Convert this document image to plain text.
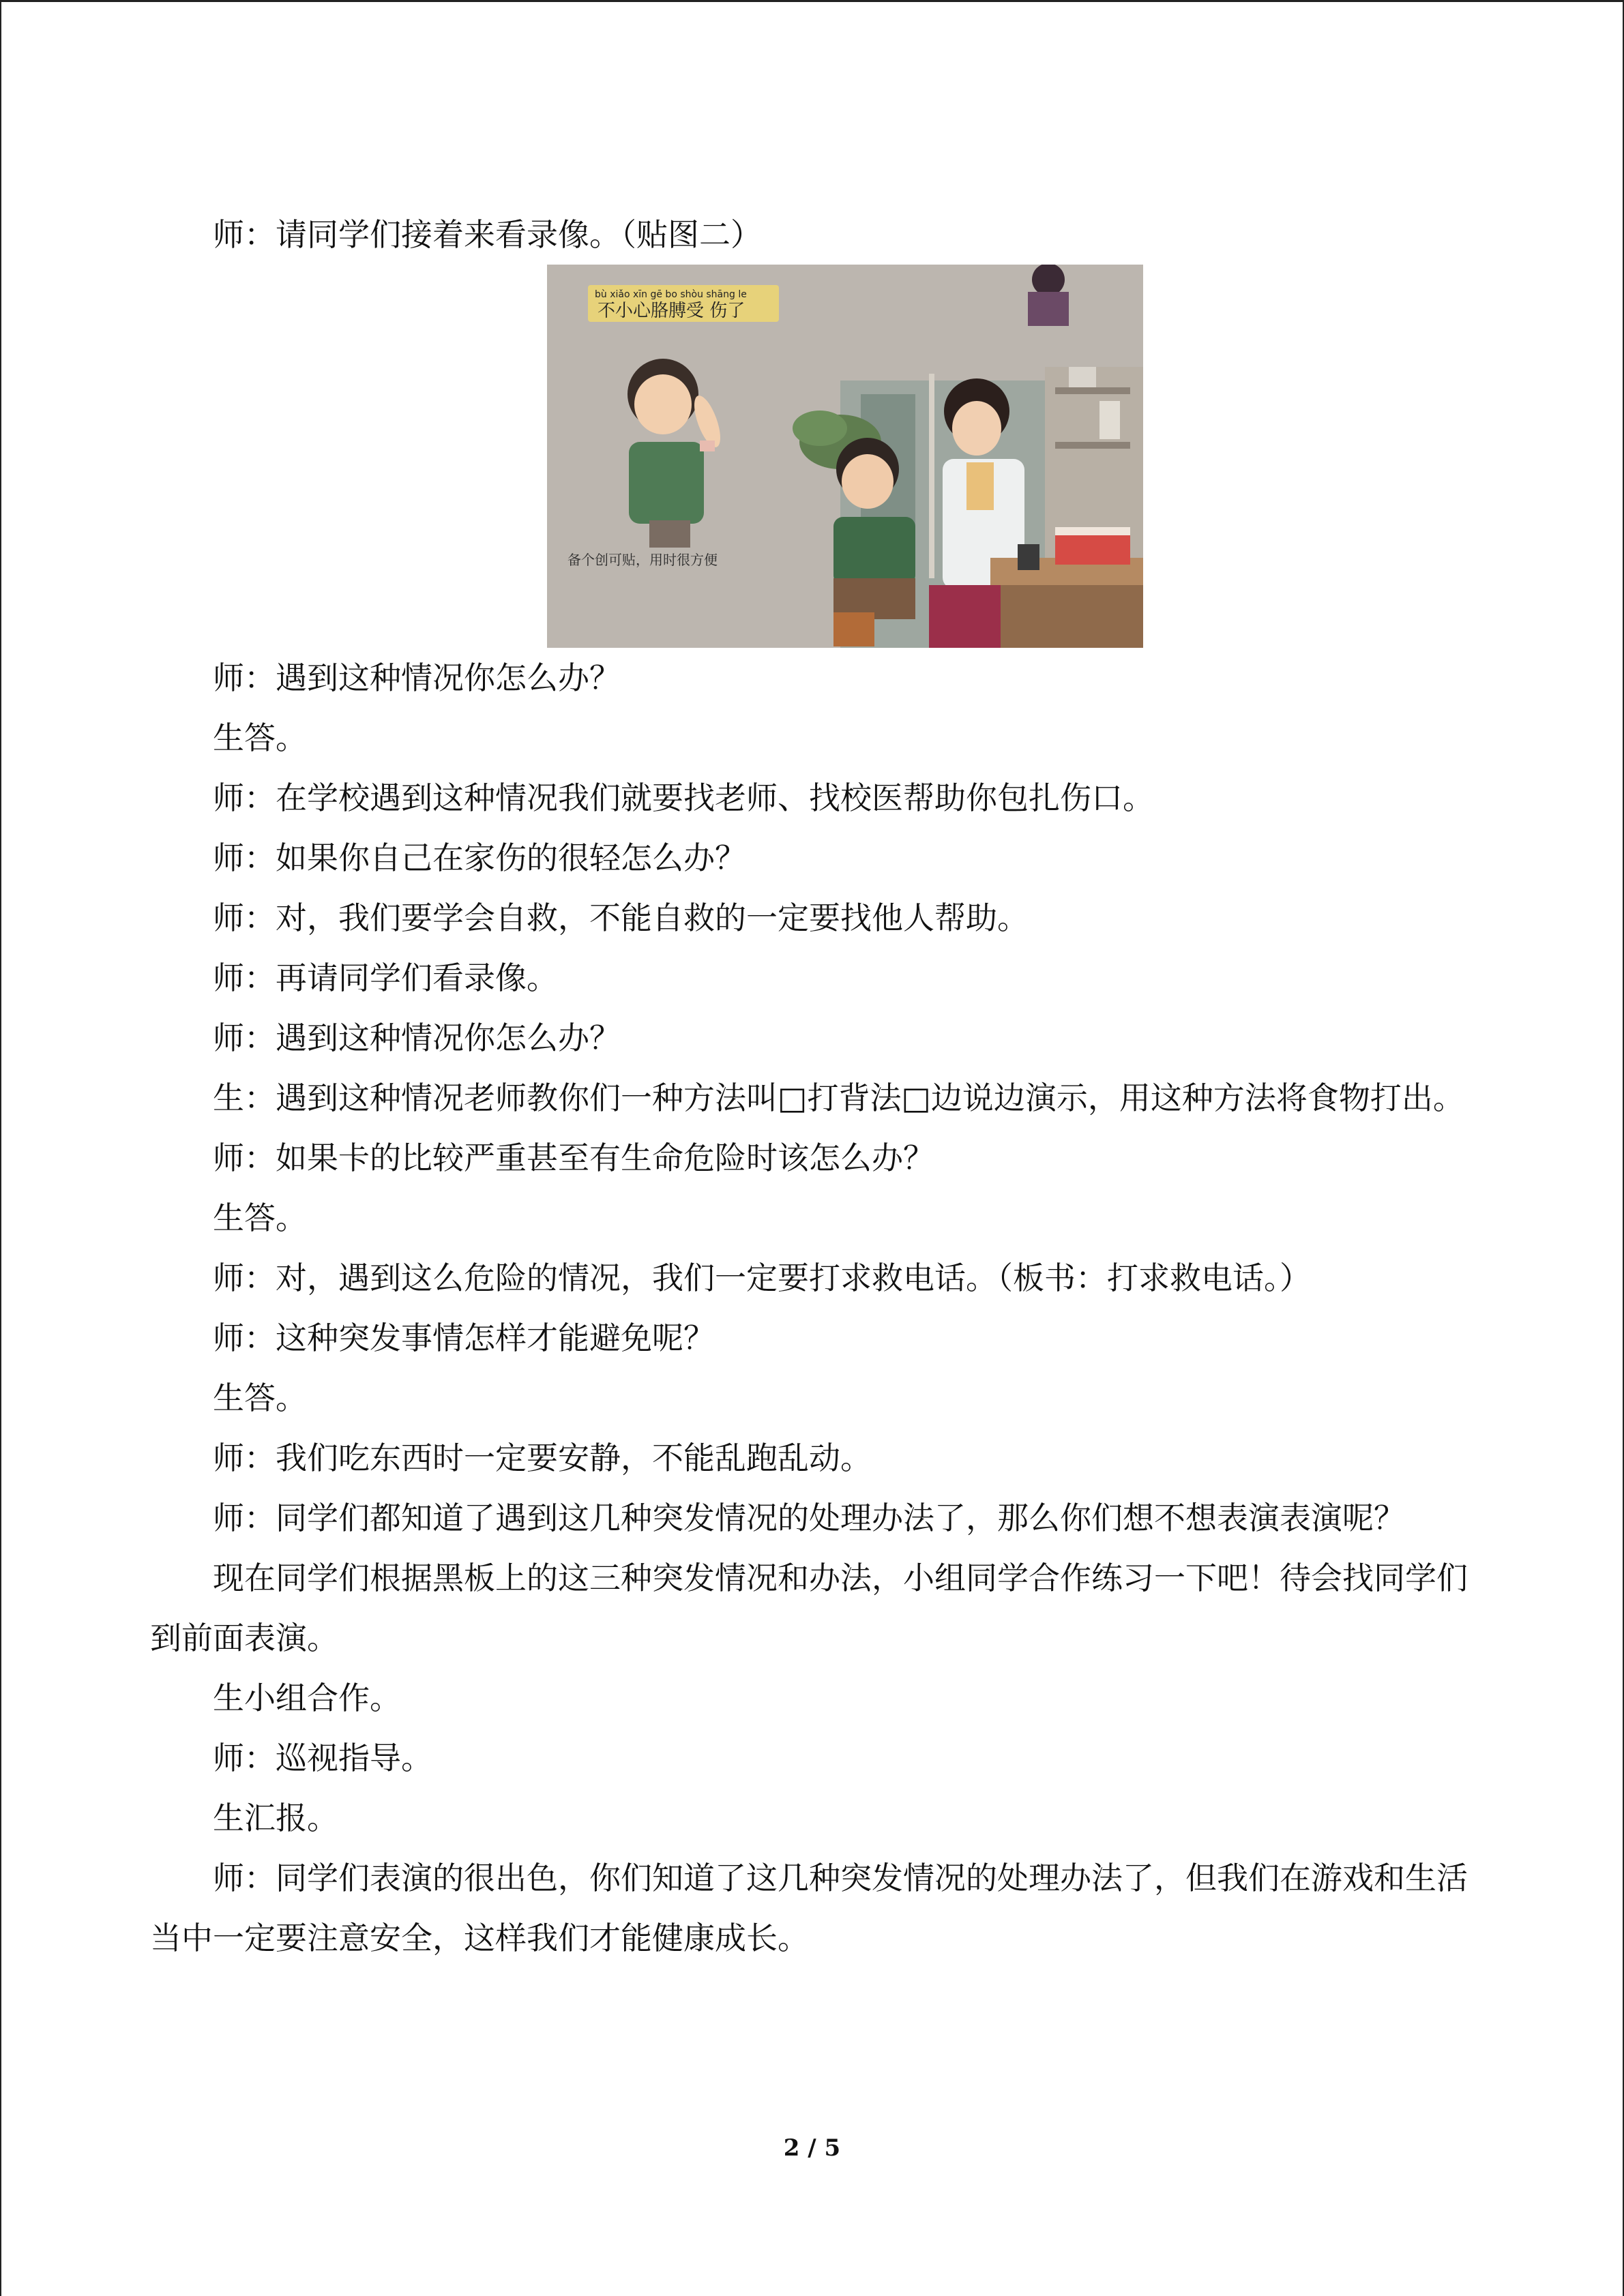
师：请同学们接着来看录像。（贴图二）

bù xiǎo xīn gē bo shòu shāng le
不小心胳膊受 伤了
备个创可贴，用时很方便

师：遇到这种情况你怎么办？

生答。

师：在学校遇到这种情况我们就要找老师、找校医帮助你包扎伤口。

师：如果你自己在家伤的很轻怎么办？

师：对，我们要学会自救，不能自救的一定要找他人帮助。

师：再请同学们看录像。

师：遇到这种情况你怎么办？

生：遇到这种情况老师教你们一种方法叫□打背法□边说边演示，用这种方法将食物打出。

师：如果卡的比较严重甚至有生命危险时该怎么办？

生答。

师：对，遇到这么危险的情况，我们一定要打求救电话。（板书：打求救电话。）

师：这种突发事情怎样才能避免呢？

生答。

师：我们吃东西时一定要安静，不能乱跑乱动。

师：同学们都知道了遇到这几种突发情况的处理办法了，那么你们想不想表演表演呢？

现在同学们根据黑板上的这三种突发情况和办法，小组同学合作练习一下吧！待会找同学们到前面表演。

生小组合作。

师：巡视指导。

生汇报。

师：同学们表演的很出色，你们知道了这几种突发情况的处理办法了，但我们在游戏和生活当中一定要注意安全，这样我们才能健康成长。

2 / 5
